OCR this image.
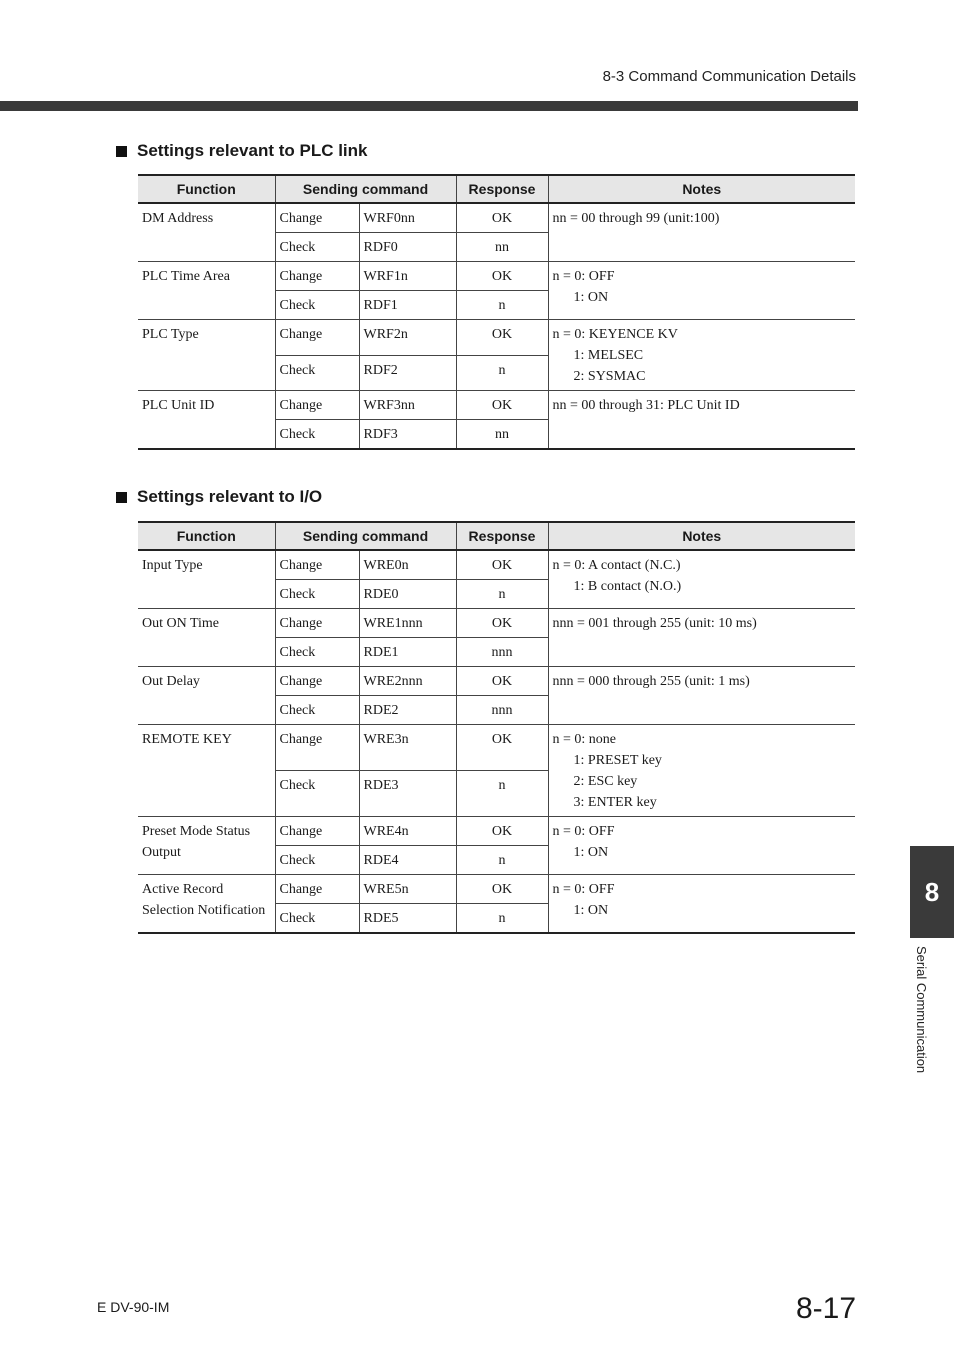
8-3 Command Communication Details
Settings relevant to PLC link
Function	Sending command		Response	Notes
DM Address	Change	WRF0nn	OK	nn = 00 through 99 (unit:100)

	Check	RDF0	nn	
PLC Time Area	Change	WRF1n	OK	n = 0: OFF
1: ON

	Check	RDF1	n	
PLC Type	Change	WRF2n	OK	n = 0: KEYENCE KV
1: MELSEC
2: SYSMAC

	Check	RDF2	n	
PLC Unit ID	Change	WRF3nn	OK	nn = 00 through 31: PLC Unit ID

	Check	RDF3	nn	
Settings relevant to I/O
Function	Sending command		Response	Notes
Input Type	Change	WRE0n	OK	n = 0: A contact (N.C.)
1: B contact (N.O.)

	Check	RDE0	n	
Out ON Time	Change	WRE1nnn	OK	nnn = 001 through 255 (unit: 10 ms)

	Check	RDE1	nnn	
Out Delay	Change	WRE2nnn	OK	nnn = 000 through 255 (unit: 1 ms)

	Check	RDE2	nnn	
REMOTE KEY	Change	WRE3n	OK	n = 0: none
1: PRESET key
2: ESC key
3: ENTER key

	Check	RDE3	n	
Preset Mode Status Output	Change	WRE4n	OK	n = 0: OFF
1: ON

	Check	RDE4	n	
Active Record Selection Notification	Change	WRE5n	OK	n = 0: OFF
1: ON

	Check	RDE5	n	
8
Serial Communication
E DV-90-IM	8-17
